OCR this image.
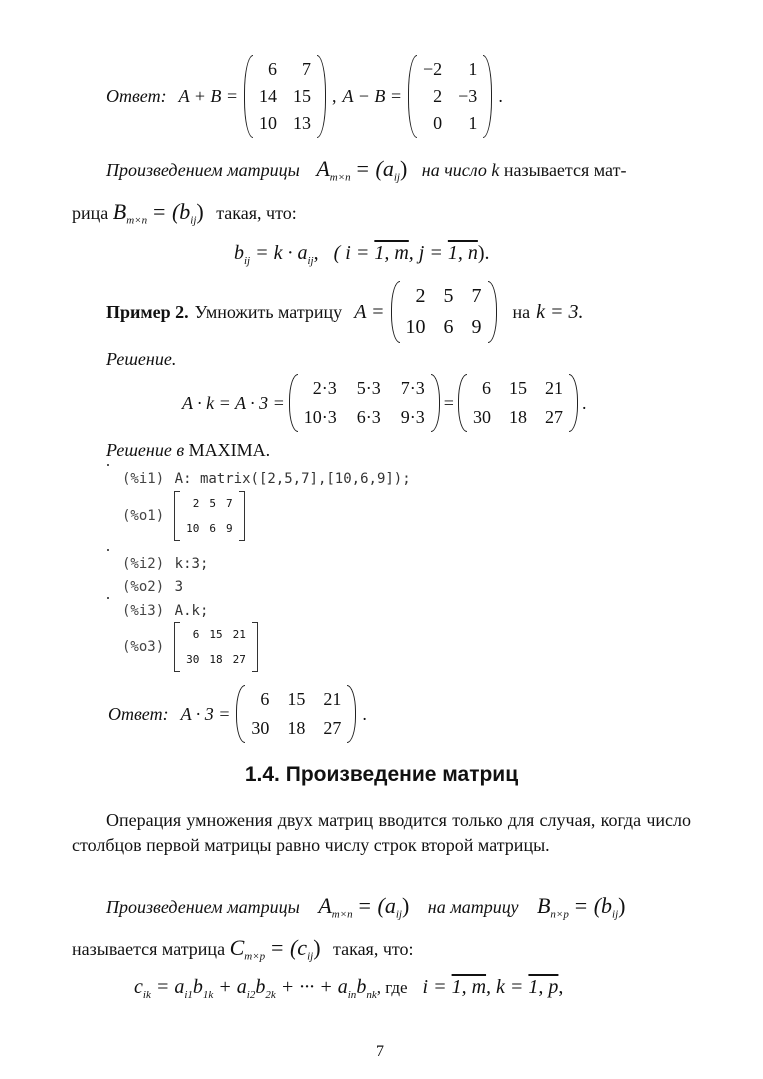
Ответ: A + B =
6	7
14 15
10 13
, A − B =
−2	1
2 −3
0	1
.
Произведением матрицы $A_{m\times n} = (a_{ij})$ на число k называется мат-
рица $B_{m\times n} = (b_{ij})$ такая, что:
$b_{ij} = k \cdot a_{ij}$, ( i = 1, m, j = 1, n).
Пример 2. Умножить матрицу A =
2 5 7
10 6 9
на k = 3.
Решение.
A · k = A · 3 =
2·3 5·3 7·3
10·3 6·3 9·3
=
6 15 21
30 18 27
.
Решение в MAXIMA.
(%i1) A: matrix([2,5,7],[10,6,9]);
(%o1)
2 5 7
10 6 9
(%i2) k:3;
(%o2) 3
(%i3) A.k;
(%o3)
6 15 21
30 18 27
Ответ: A · 3 =
6 15 21
30 18 27
.
1.4. Произведение матриц
Операция умножения двух матриц вводится только для случая, когда число столбцов первой матрицы равно числу строк второй матрицы.
Произведением матрицы $A_{m\times n} = (a_{ij})$ на матрицу $B_{n\times p} = (b_{ij})$
называется матрица $C_{m\times p} = (c_{ij})$ такая, что:
$c_{ik} = a_{i1}b_{1k} + a_{i2}b_{2k}$ + ··· + $a_{in}b_{nk}$, где i = 1, m, k = 1, p,
7
